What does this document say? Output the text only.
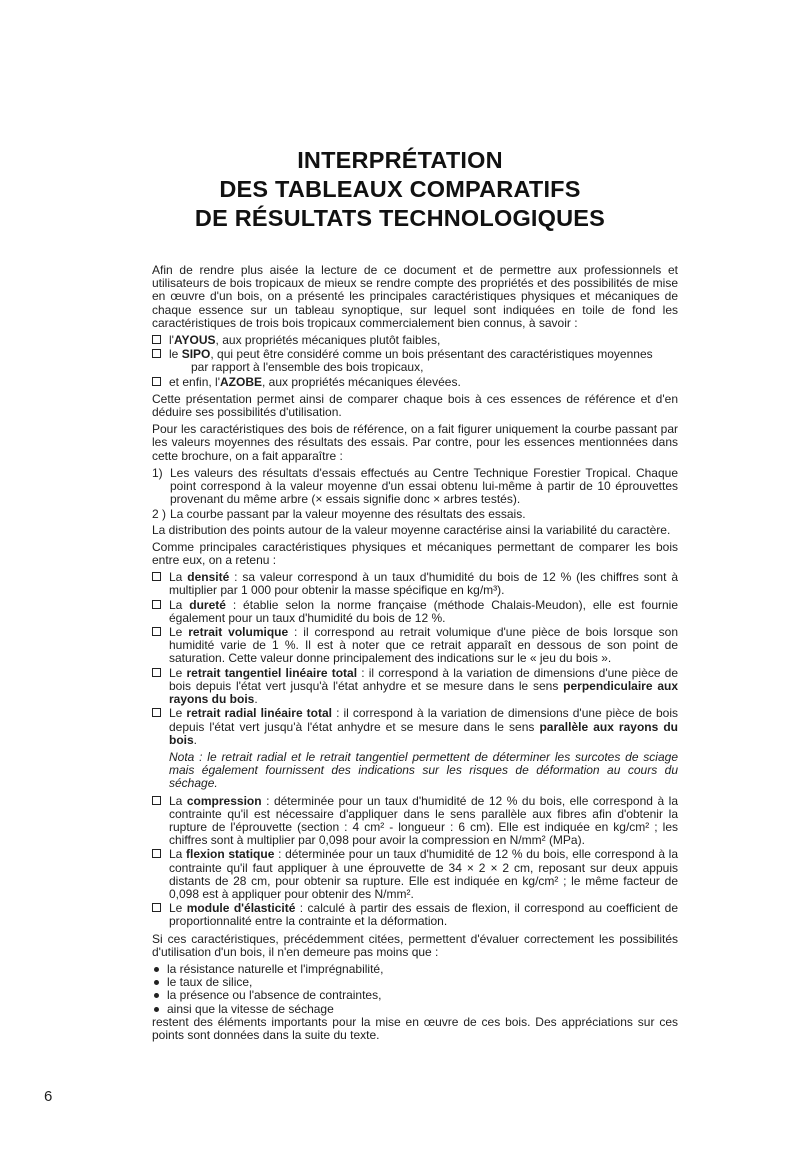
INTERPRÉTATION
DES TABLEAUX COMPARATIFS
DE RÉSULTATS TECHNOLOGIQUES

Afin de rendre plus aisée la lecture de ce document et de permettre aux professionnels et utilisateurs de bois tropicaux de mieux se rendre compte des propriétés et des possibilités de mise en œuvre d'un bois, on a présenté les principales caractéristiques physiques et mécaniques de chaque essence sur un tableau synoptique, sur lequel sont indiquées en toile de fond les caractéristiques de trois bois tropicaux commercialement bien connus, à savoir :

l'AYOUS, aux propriétés mécaniques plutôt faibles,
le SIPO, qui peut être considéré comme un bois présentant des caractéristiques moyennes
par rapport à l'ensemble des bois tropicaux,
et enfin, l'AZOBE, aux propriétés mécaniques élevées.

Cette présentation permet ainsi de comparer chaque bois à ces essences de référence et d'en déduire ses possibilités d'utilisation.

Pour les caractéristiques des bois de référence, on a fait figurer uniquement la courbe passant par les valeurs moyennes des résultats des essais. Par contre, pour les essences mentionnées dans cette brochure, on a fait apparaître :

1) Les valeurs des résultats d'essais effectués au Centre Technique Forestier Tropical. Chaque point correspond à la valeur moyenne d'un essai obtenu lui-même à partir de 10 éprouvettes provenant du même arbre (× essais signifie donc × arbres testés).
2 ) La courbe passant par la valeur moyenne des résultats des essais.

La distribution des points autour de la valeur moyenne caractérise ainsi la variabilité du caractère.

Comme principales caractéristiques physiques et mécaniques permettant de comparer les bois entre eux, on a retenu :

La densité : sa valeur correspond à un taux d'humidité du bois de 12 % (les chiffres sont à multiplier par 1 000 pour obtenir la masse spécifique en kg/m³).
La dureté : établie selon la norme française (méthode Chalais-Meudon), elle est fournie également pour un taux d'humidité du bois de 12 %.
Le retrait volumique : il correspond au retrait volumique d'une pièce de bois lorsque son humidité varie de 1 %. Il est à noter que ce retrait apparaît en dessous de son point de saturation. Cette valeur donne principalement des indications sur le « jeu du bois ».
Le retrait tangentiel linéaire total : il correspond à la variation de dimensions d'une pièce de bois depuis l'état vert jusqu'à l'état anhydre et se mesure dans le sens perpendiculaire aux rayons du bois.
Le retrait radial linéaire total : il correspond à la variation de dimensions d'une pièce de bois depuis l'état vert jusqu'à l'état anhydre et se mesure dans le sens parallèle aux rayons du bois.

Nota : le retrait radial et le retrait tangentiel permettent de déterminer les surcotes de sciage mais également fournissent des indications sur les risques de déformation au cours du séchage.

La compression : déterminée pour un taux d'humidité de 12 % du bois, elle correspond à la contrainte qu'il est nécessaire d'appliquer dans le sens parallèle aux fibres afin d'obtenir la rupture de l'éprouvette (section : 4 cm² - longueur : 6 cm). Elle est indiquée en kg/cm² ; les chiffres sont à multiplier par 0,098 pour avoir la compression en N/mm² (MPa).
La flexion statique : déterminée pour un taux d'humidité de 12 % du bois, elle correspond à la contrainte qu'il faut appliquer à une éprouvette de 34 × 2 × 2 cm, reposant sur deux appuis distants de 28 cm, pour obtenir sa rupture. Elle est indiquée en kg/cm² ; le même facteur de 0,098 est à appliquer pour obtenir des N/mm².
Le module d'élasticité : calculé à partir des essais de flexion, il correspond au coefficient de proportionnalité entre la contrainte et la déformation.

Si ces caractéristiques, précédemment citées, permettent d'évaluer correctement les possibilités d'utilisation d'un bois, il n'en demeure pas moins que :

la résistance naturelle et l'imprégnabilité,
le taux de silice,
la présence ou l'absence de contraintes,
ainsi que la vitesse de séchage

restent des éléments importants pour la mise en œuvre de ces bois. Des appréciations sur ces points sont données dans la suite du texte.

6
